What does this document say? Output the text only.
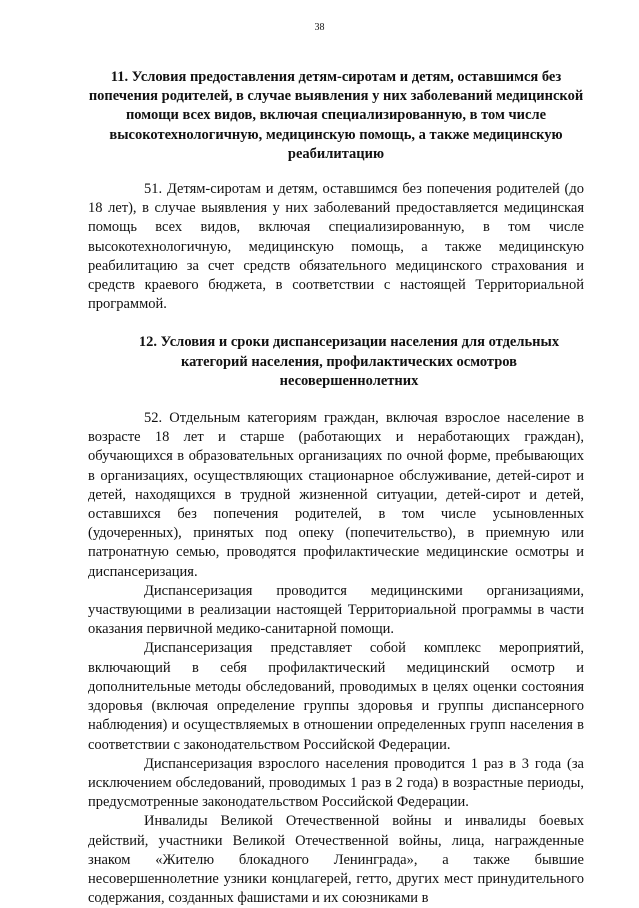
38
11. Условия предоставления детям-сиротам и детям, оставшимся без попечения родителей, в случае выявления у них заболеваний медицинской помощи всех видов, включая специализированную, в том числе высокотехнологичную, медицинскую помощь, а также медицинскую реабилитацию

51. Детям-сиротам и детям, оставшимся без попечения родителей (до 18 лет), в случае выявления у них заболеваний предоставляется медицинская помощь всех видов, включая специализированную, в том числе высокотехнологичную, медицинскую помощь, а также медицинскую реабилитацию за счет средств обязательного медицинского страхования и средств краевого бюджета, в соответствии с настоящей Территориальной программой.

12. Условия и сроки диспансеризации населения для отдельных категорий населения, профилактических осмотров несовершеннолетних

52. Отдельным категориям граждан, включая взрослое население в возрасте 18 лет и старше (работающих и неработающих граждан), обучающихся в образовательных организациях по очной форме, пребывающих в организациях, осуществляющих стационарное обслуживание, детей-сирот и детей, находящихся в трудной жизненной ситуации, детей-сирот и детей, оставшихся без попечения родителей, в том числе усыновленных (удочеренных), принятых под опеку (попечительство), в приемную или патронатную семью, проводятся профилактические медицинские осмотры и диспансеризация.

Диспансеризация проводится медицинскими организациями, участвующими в реализации настоящей Территориальной программы в части оказания первичной медико-санитарной помощи.

Диспансеризация представляет собой комплекс мероприятий, включающий в себя профилактический медицинский осмотр и дополнительные методы обследований, проводимых в целях оценки состояния здоровья (включая определение группы здоровья и группы диспансерного наблюдения) и осуществляемых в отношении определенных групп населения в соответствии с законодательством Российской Федерации.

Диспансеризация взрослого населения проводится 1 раз в 3 года (за исключением обследований, проводимых 1 раз в 2 года) в возрастные периоды, предусмотренные законодательством Российской Федерации.

Инвалиды Великой Отечественной войны и инвалиды боевых действий, участники Великой Отечественной войны, лица, награжденные знаком «Жителю блокадного Ленинграда», а также бывшие несовершеннолетние узники концлагерей, гетто, других мест принудительного содержания, созданных фашистами и их союзниками в
